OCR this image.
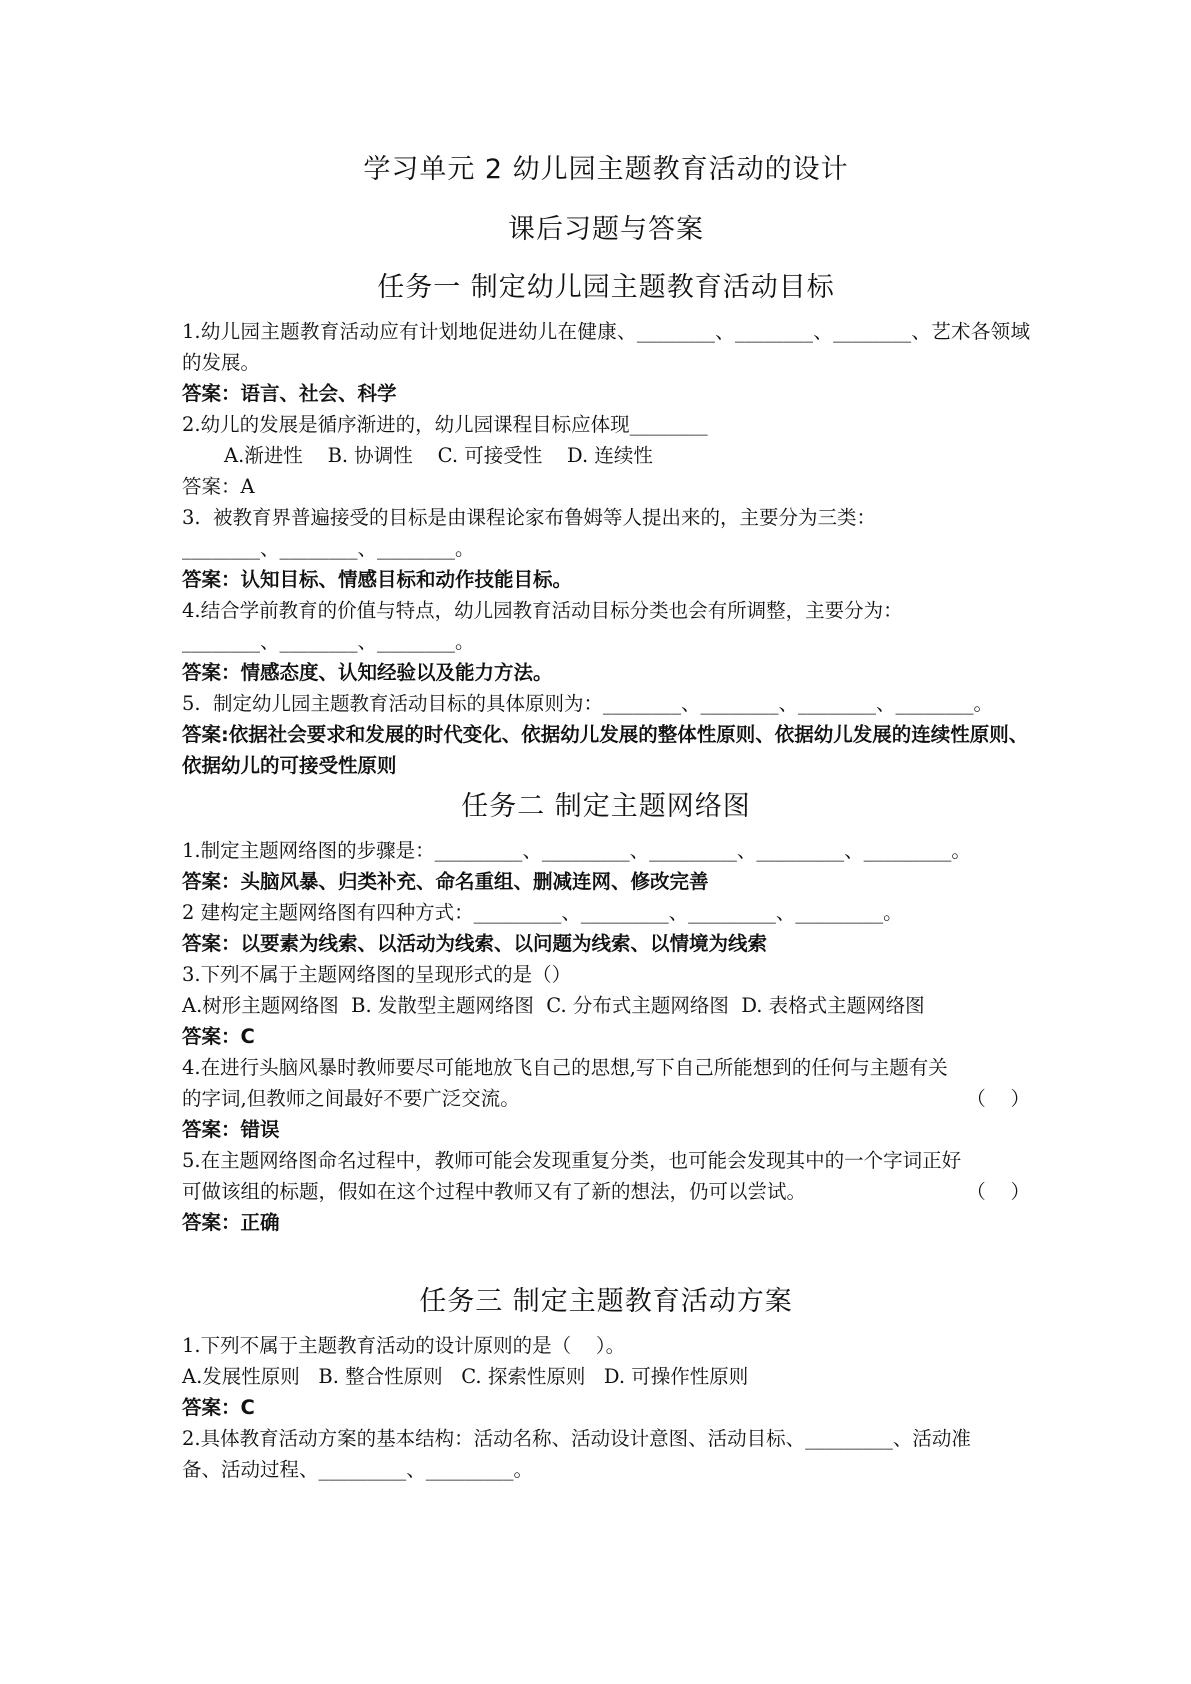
学习单元 2 幼儿园主题教育活动的设计
课后习题与答案
任务一 制定幼儿园主题教育活动目标

1.幼儿园主题教育活动应有计划地促进幼儿在健康、________、________、________、艺术各领域的发展。

答案：语言、社会、科学

2.幼儿的发展是循序渐进的，幼儿园课程目标应体现________

A.渐进性    B. 协调性    C. 可接受性    D. 连续性

答案：A

3.  被教育界普遍接受的目标是由课程论家布鲁姆等人提出来的，主要分为三类：

________、________、________。

答案：认知目标、情感目标和动作技能目标。

4.结合学前教育的价值与特点，幼儿园教育活动目标分类也会有所调整，主要分为：

________、________、________。

答案：情感态度、认知经验以及能力方法。

5.  制定幼儿园主题教育活动目标的具体原则为：________、________、________、________。

答案:依据社会要求和发展的时代变化、依据幼儿发展的整体性原则、依据幼儿发展的连续性原则、依据幼儿的可接受性原则

任务二 制定主题网络图

1.制定主题网络图的步骤是：_________、_________、_________、_________、_________。

答案：头脑风暴、归类补充、命名重组、删减连网、修改完善

2 建构定主题网络图有四种方式：_________、_________、_________、_________。

答案：以要素为线索、以活动为线索、以问题为线索、以情境为线索

3.下列不属于主题网络图的呈现形式的是（）

A.树形主题网络图  B. 发散型主题网络图  C. 分布式主题网络图  D. 表格式主题网络图

答案：C

4.在进行头脑风暴时教师要尽可能地放飞自己的思想,写下自己所能想到的任何与主题有关

的字词,但教师之间最好不要广泛交流。	（    ）

答案：错误

5.在主题网络图命名过程中，教师可能会发现重复分类，也可能会发现其中的一个字词正好

可做该组的标题，假如在这个过程中教师又有了新的想法，仍可以尝试。	（    ）

答案：正确

任务三 制定主题教育活动方案

1.下列不属于主题教育活动的设计原则的是（    ）。

A.发展性原则   B. 整合性原则   C. 探索性原则   D. 可操作性原则

答案：C

2.具体教育活动方案的基本结构：活动名称、活动设计意图、活动目标、_________、活动准

备、活动过程、_________、_________。
